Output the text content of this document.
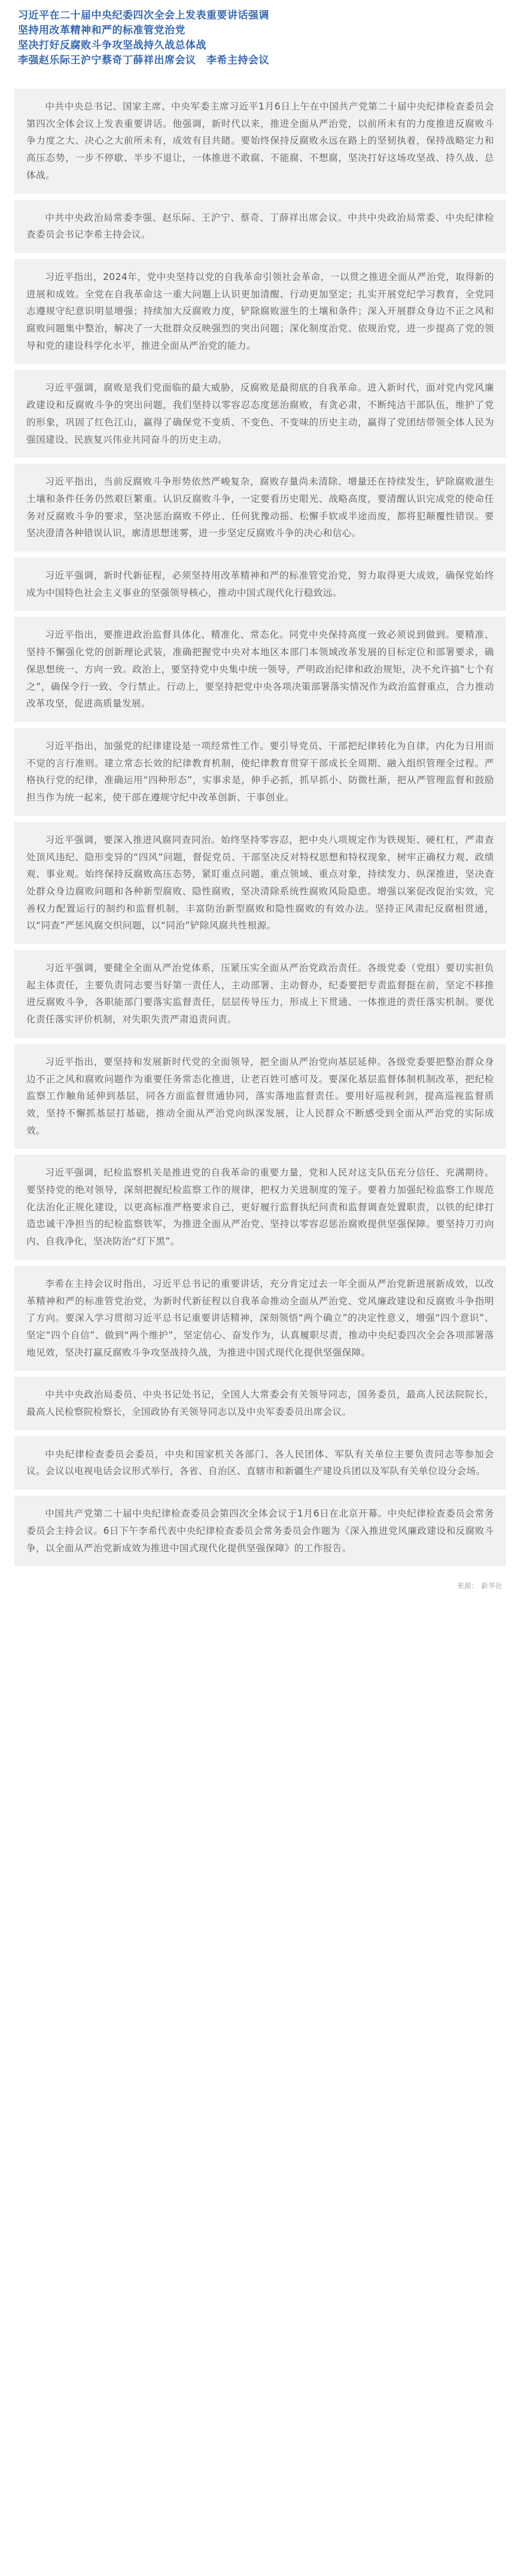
习近平在二十届中央纪委四次全会上发表重要讲话强调
坚持用改革精神和严的标准管党治党
坚决打好反腐败斗争攻坚战持久战总体战
李强赵乐际王沪宁蔡奇丁薛祥出席会议　李希主持会议

中共中央总书记、国家主席、中央军委主席习近平1月6日上午在中国共产党第二十届中央纪律检查委员会第四次全体会议上发表重要讲话。他强调，新时代以来，推进全面从严治党，以前所未有的力度推进反腐败斗争力度之大、决心之大前所未有，成效有目共睹。要始终保持反腐败永远在路上的坚韧执着，保持战略定力和高压态势，一步不停歇、半步不退让，一体推进不敢腐、不能腐、不想腐，坚决打好这场攻坚战、持久战、总体战。

中共中央政治局常委李强、赵乐际、王沪宁、蔡奇、丁薛祥出席会议。中共中央政治局常委、中央纪律检查委员会书记李希主持会议。

习近平指出，2024年，党中央坚持以党的自我革命引领社会革命，一以贯之推进全面从严治党，取得新的进展和成效。全党在自我革命这一重大问题上认识更加清醒、行动更加坚定；扎实开展党纪学习教育，全党同志遵规守纪意识明显增强；持续加大反腐败力度，铲除腐败滋生的土壤和条件；深入开展群众身边不正之风和腐败问题集中整治，解决了一大批群众反映强烈的突出问题；深化制度治党、依规治党，进一步提高了党的领导和党的建设科学化水平，推进全面从严治党的能力。

习近平强调，腐败是我们党面临的最大威胁，反腐败是最彻底的自我革命。进入新时代，面对党内党风廉政建设和反腐败斗争的突出问题，我们坚持以零容忍态度惩治腐败，有贪必肃，不断纯洁干部队伍，维护了党的形象，巩固了红色江山，赢得了确保党不变质、不变色、不变味的历史主动，赢得了党团结带领全体人民为强国建设、民族复兴伟业共同奋斗的历史主动。

习近平指出，当前反腐败斗争形势依然严峻复杂，腐败存量尚未清除、增量还在持续发生，铲除腐败滋生土壤和条件任务仍然艰巨繁重。认识反腐败斗争，一定要看历史眼光、战略高度，要清醒认识完成党的使命任务对反腐败斗争的要求，坚决惩治腐败不停止、任何犹豫动摇、松懈手软或半途而废，都将犯颠覆性错误。要坚决澄清各种错误认识，廓清思想迷雾，进一步坚定反腐败斗争的决心和信心。

习近平强调，新时代新征程，必须坚持用改革精神和严的标准管党治党，努力取得更大成效，确保党始终成为中国特色社会主义事业的坚强领导核心，推动中国式现代化行稳致远。

习近平指出，要推进政治监督具体化、精准化、常态化。同党中央保持高度一致必须说到做到。要精准、坚持不懈强化党的创新理论武装，准确把握党中央对本地区本部门本领域改革发展的目标定位和部署要求，确保思想统一、方向一致。政治上，要坚持党中央集中统一领导，严明政治纪律和政治规矩，决不允许搞“七个有之”，确保令行一致、令行禁止。行动上，要坚持把党中央各项决策部署落实情况作为政治监督重点，合力推动改革攻坚，促进高质量发展。

习近平指出，加强党的纪律建设是一项经常性工作。要引导党员、干部把纪律转化为自律，内化为日用而不觉的言行准则。建立常态长效的纪律教育机制，使纪律教育贯穿干部成长全周期、融入组织管理全过程。严格执行党的纪律，准确运用“四种形态”，实事求是，伸手必抓，抓早抓小、防微杜渐，把从严管理监督和鼓励担当作为统一起来，使干部在遵规守纪中改革创新、干事创业。

习近平强调，要深入推进风腐同查同治。始终坚持零容忍，把中央八项规定作为铁规矩、硬杠杠，严肃查处顶风违纪、隐形变异的“四风”问题，督促党员、干部坚决反对特权思想和特权现象，树牢正确权力观、政绩观、事业观。始终保持反腐败高压态势，紧盯重点问题、重点领域、重点对象，持续发力、纵深推进，坚决查处群众身边腐败问题和各种新型腐败、隐性腐败，坚决清除系统性腐败风险隐患。增强以案促改促治实效，完善权力配置运行的制约和监督机制，丰富防治新型腐败和隐性腐败的有效办法。坚持正风肃纪反腐相贯通，以“同查”严惩风腐交织问题，以“同治”铲除风腐共性根源。

习近平强调，要健全全面从严治党体系，压紧压实全面从严治党政治责任。各级党委（党组）要切实担负起主体责任，主要负责同志要当好第一责任人，主动部署、主动督办，纪委要把专责监督挺在前，坚定不移推进反腐败斗争，各职能部门要落实监督责任，层层传导压力，形成上下贯通、一体推进的责任落实机制。要优化责任落实评价机制，对失职失责严肃追责问责。

习近平指出，要坚持和发展新时代党的全面领导，把全面从严治党向基层延伸。各级党委要把整治群众身边不正之风和腐败问题作为重要任务常态化推进，让老百姓可感可及。要深化基层监督体制机制改革，把纪检监察工作触角延伸到基层，同各方面监督贯通协同，落实落地监督责任。要用好巡视利剑，提高巡视监督质效，坚持不懈抓基层打基础，推动全面从严治党向纵深发展，让人民群众不断感受到全面从严治党的实际成效。

习近平强调，纪检监察机关是推进党的自我革命的重要力量，党和人民对这支队伍充分信任、充满期待。要坚持党的绝对领导，深刻把握纪检监察工作的规律，把权力关进制度的笼子。要着力加强纪检监察工作规范化法治化正规化建设，以更高标准严格要求自己，更好履行监督执纪问责和监督调查处置职责，以铁的纪律打造忠诚干净担当的纪检监察铁军，为推进全面从严治党、坚持以零容忍惩治腐败提供坚强保障。要坚持刀刃向内、自我净化，坚决防治“灯下黑”。

李希在主持会议时指出，习近平总书记的重要讲话，充分肯定过去一年全面从严治党新进展新成效，以改革精神和严的标准管党治党，为新时代新征程以自我革命推动全面从严治党、党风廉政建设和反腐败斗争指明了方向。要深入学习贯彻习近平总书记重要讲话精神，深刻领悟“两个确立”的决定性意义，增强“四个意识”、坚定“四个自信”、做到“两个维护”，坚定信心、奋发作为，认真履职尽责，推动中央纪委四次全会各项部署落地见效，坚决打赢反腐败斗争攻坚战持久战，为推进中国式现代化提供坚强保障。

中共中央政治局委员、中央书记处书记，全国人大常委会有关领导同志，国务委员，最高人民法院院长，最高人民检察院检察长，全国政协有关领导同志以及中央军委委员出席会议。

中央纪律检查委员会委员，中央和国家机关各部门、各人民团体、军队有关单位主要负责同志等参加会议。会议以电视电话会议形式举行，各省、自治区、直辖市和新疆生产建设兵团以及军队有关单位设分会场。

中国共产党第二十届中央纪律检查委员会第四次全体会议于1月6日在北京开幕。中央纪律检查委员会常务委员会主持会议。6日下午李希代表中央纪律检查委员会常务委员会作题为《深入推进党风廉政建设和反腐败斗争，以全面从严治党新成效为推进中国式现代化提供坚强保障》的工作报告。

来源： 新华社
